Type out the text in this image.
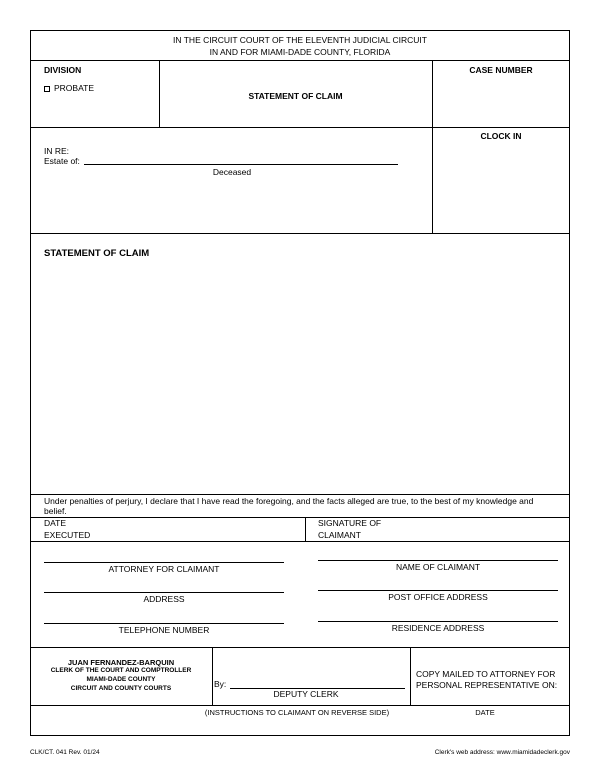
IN THE CIRCUIT COURT OF THE ELEVENTH JUDICIAL CIRCUIT
IN AND FOR MIAMI-DADE COUNTY, FLORIDA
DIVISION
PROBATE
STATEMENT OF CLAIM
CASE NUMBER
IN RE:
Estate of:
Deceased
CLOCK IN
STATEMENT OF CLAIM
Under penalties of perjury, I declare that I have read the foregoing, and the facts alleged are true, to the best of my knowledge and
belief.
DATE
EXECUTED
SIGNATURE OF
CLAIMANT
ATTORNEY FOR CLAIMANT
ADDRESS
TELEPHONE NUMBER
NAME OF CLAIMANT
POST OFFICE ADDRESS
RESIDENCE ADDRESS
JUAN FERNANDEZ-BARQUIN
CLERK OF THE COURT AND COMPTROLLER
MIAMI-DADE COUNTY
CIRCUIT AND COUNTY COURTS	By:
DEPUTY CLERK
COPY MAILED TO ATTORNEY FOR
PERSONAL REPRESENTATIVE ON:
(INSTRUCTIONS TO CLAIMANT ON REVERSE SIDE)	DATE
CLK/CT. 041 Rev. 01/24	Clerk's web address: www.miamidadeclerk.gov
